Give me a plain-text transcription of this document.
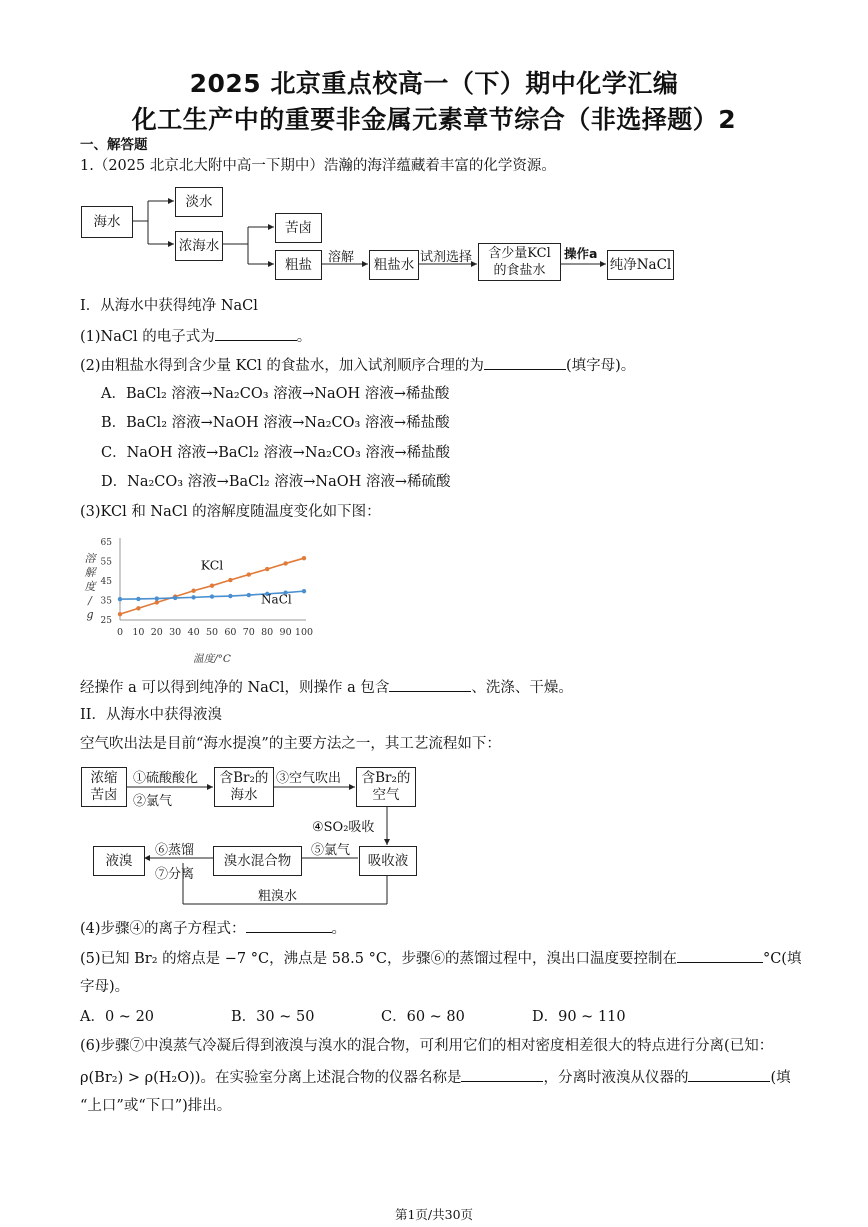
2025 北京重点校高一（下）期中化学汇编
化工生产中的重要非金属元素章节综合（非选择题）2
一、解答题
1.（2025 北京北大附中高一下期中）浩瀚的海洋蕴藏着丰富的化学资源。
海水
淡水
浓海水
苦卤
粗盐 溶解 粗盐水 试剂选择 含少量KCl
的食盐水
操作a
纯净NaCl
I．从海水中获得纯净 NaCl
(1)NaCl 的电子式为	。
(2)由粗盐水得到含少量 KCl 的食盐水，加入试剂顺序合理的为	(填字母)。
A．BaCl₂ 溶液→Na₂CO₃ 溶液→NaOH 溶液→稀盐酸
B．BaCl₂ 溶液→NaOH 溶液→Na₂CO₃ 溶液→稀盐酸
C．NaOH 溶液→BaCl₂ 溶液→Na₂CO₃ 溶液→稀盐酸
D．Na₂CO₃ 溶液→BaCl₂ 溶液→NaOH 溶液→稀硫酸
(3)KCl 和 NaCl 的溶解度随温度变化如下图：
溶
解
度
/
g 25
35
45
55
65
0 10 20 30 40 50 60 70 80 90 100
KCl
NaCl
温度/°C
经操作 a 可以得到纯净的 NaCl，则操作 a 包含	、洗涤、干燥。
II．从海水中获得液溴
空气吹出法是目前“海水提溴”的主要方法之一，其工艺流程如下：
浓缩
苦卤
①硫酸酸化
②氯气
含Br₂的
海水
③空气吹出 含Br₂的
空气
④SO₂吸收
吸收液
⑤氯气
溴水混合物
⑥蒸馏
⑦分离
液溴
粗溴水
(4)步骤④的离子方程式：	。
(5)已知 Br₂ 的熔点是 −7 °C，沸点是 58.5 °C，步骤⑥的蒸馏过程中，溴出口温度要控制在	°C(填
字母)。
A．0 ~ 20	B．30 ~ 50	C．60 ~ 80	D．90 ~ 110
(6)步骤⑦中溴蒸气冷凝后得到液溴与溴水的混合物，可利用它们的相对密度相差很大的特点进行分离(已知：
ρ(Br₂) > ρ(H₂O))。在实验室分离上述混合物的仪器名称是	，分离时液溴从仪器的	(填
“上口”或“下口”)排出。
第1页/共30页
